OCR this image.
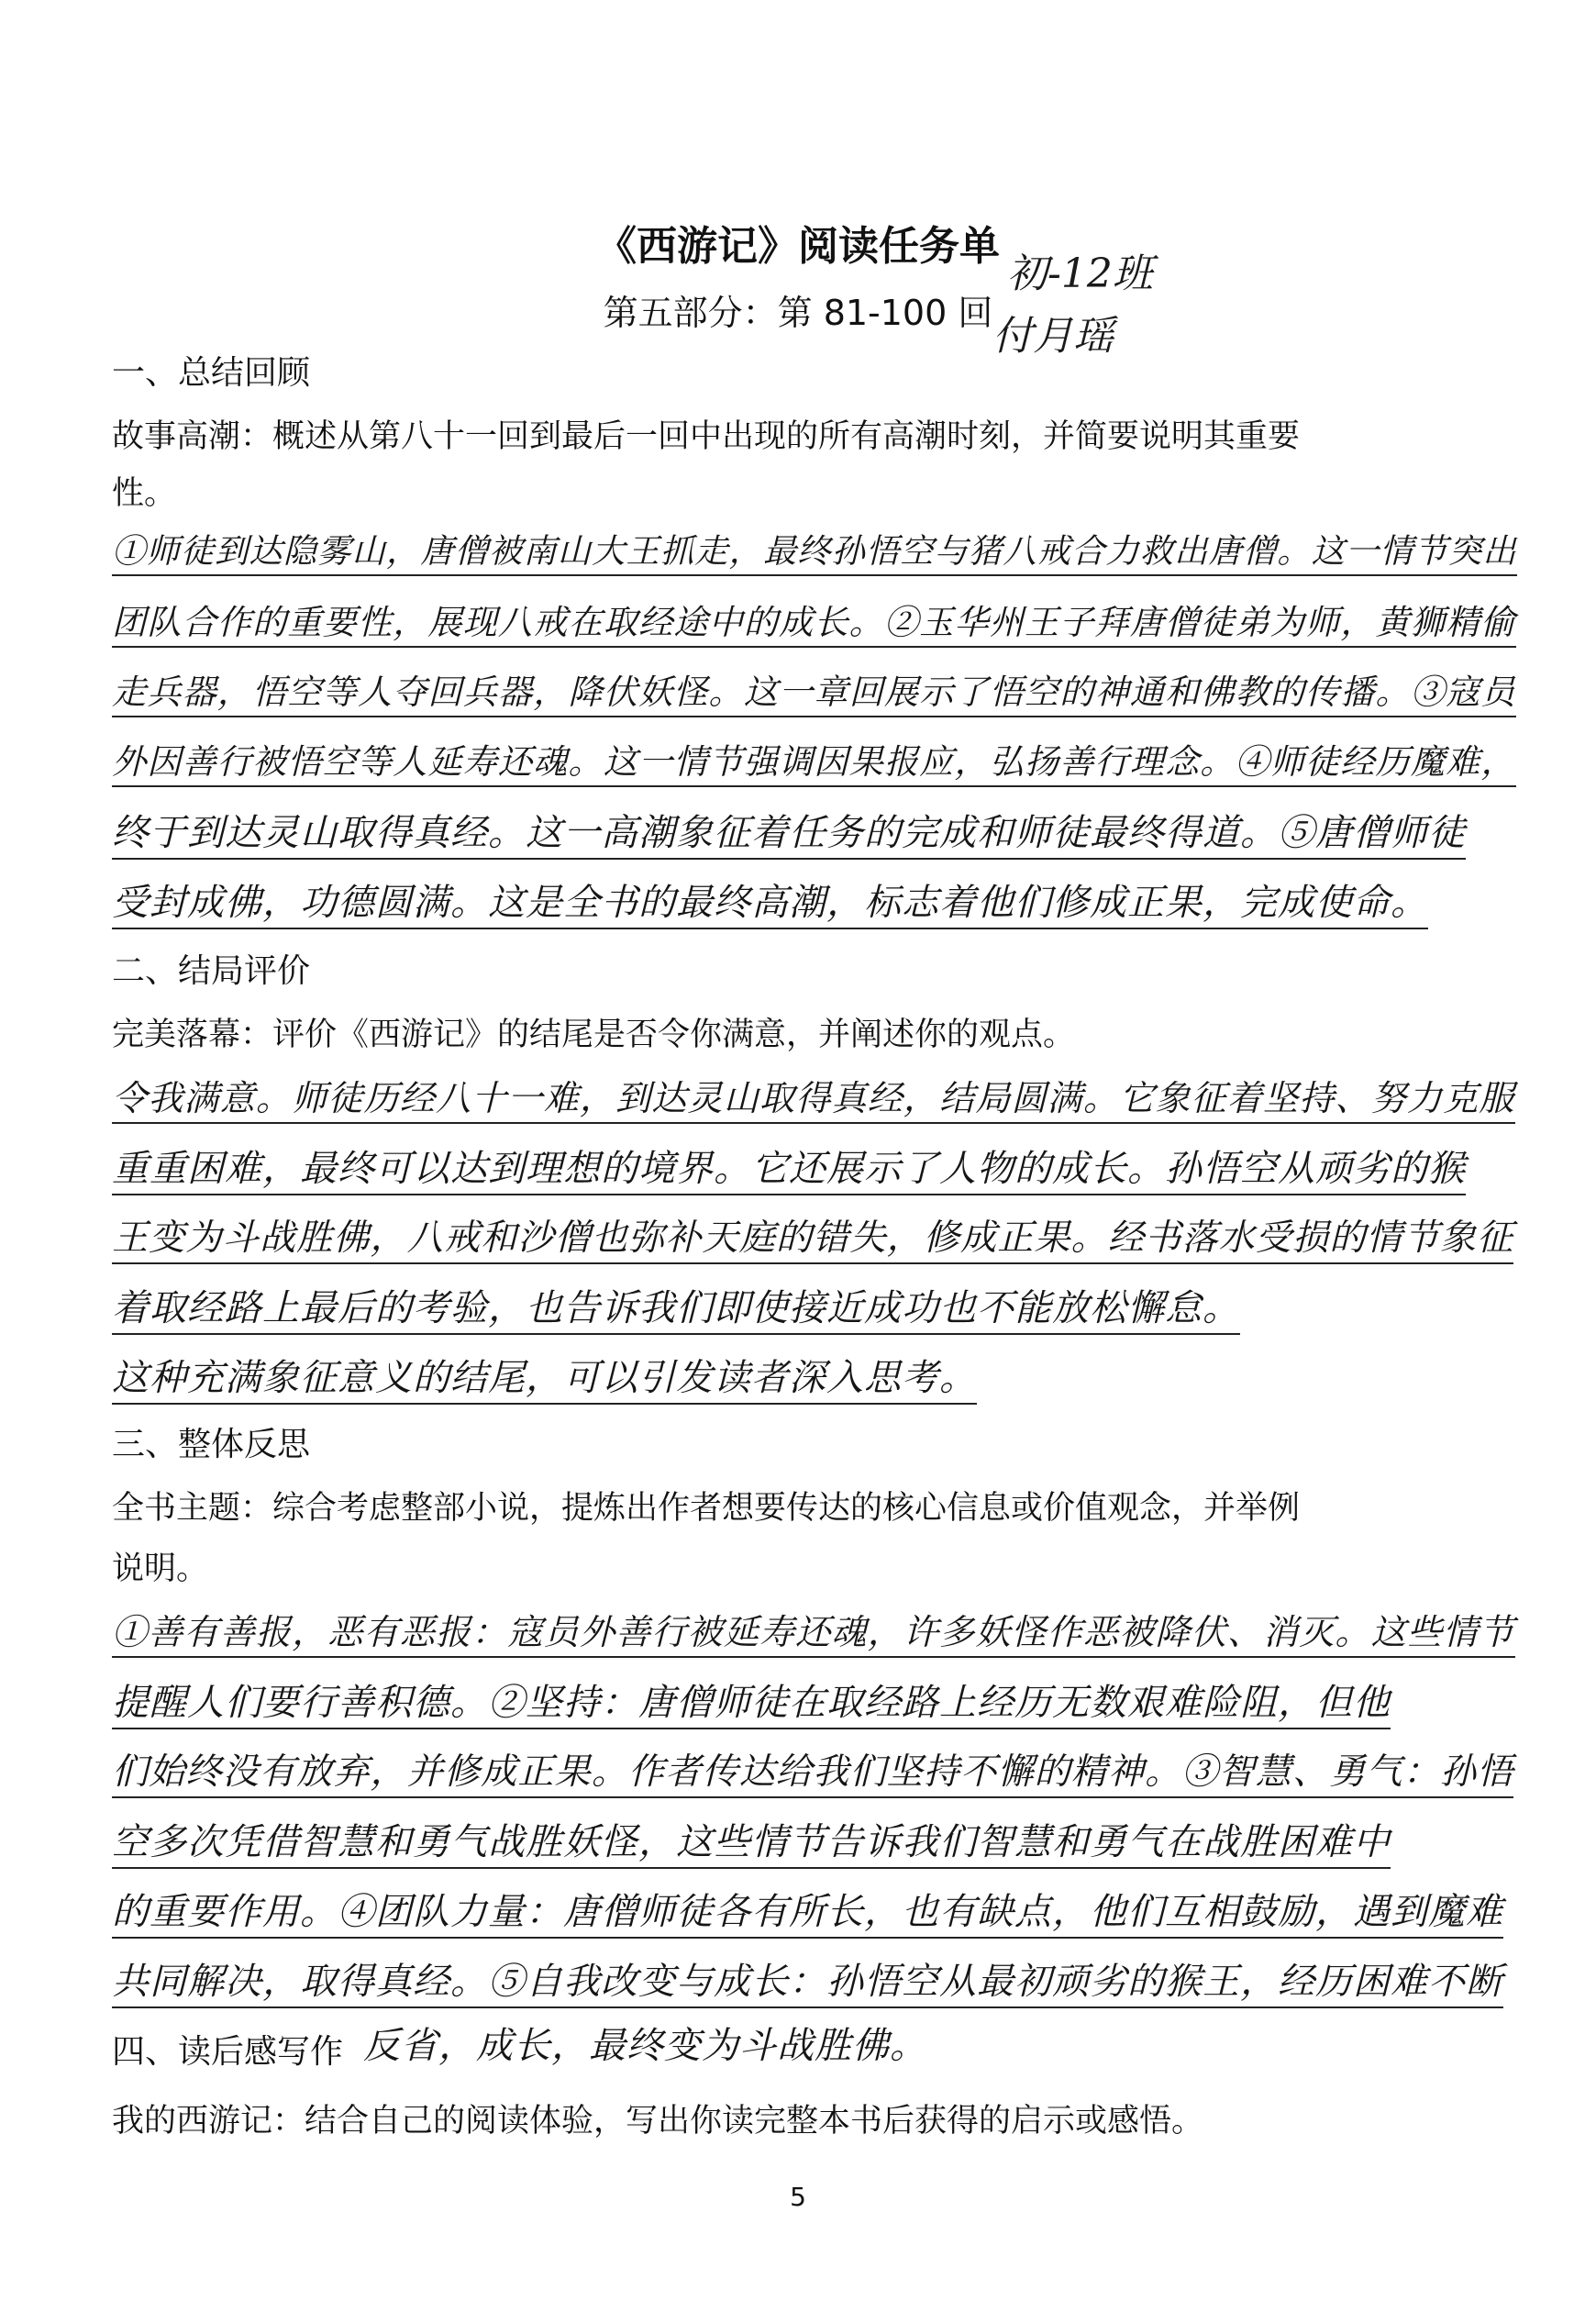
《西游记》阅读任务单
第五部分：第 81-100 回
初-12班
付月瑶
一、总结回顾
故事高潮：概述从第八十一回到最后一回中出现的所有高潮时刻，并简要说明其重要
性。
①师徒到达隐雾山，唐僧被南山大王抓走，最终孙悟空与猪八戒合力救出唐僧。这一情节突出
团队合作的重要性，展现八戒在取经途中的成长。②玉华州王子拜唐僧徒弟为师，黄狮精偷
走兵器，悟空等人夺回兵器，降伏妖怪。这一章回展示了悟空的神通和佛教的传播。③寇员
外因善行被悟空等人延寿还魂。这一情节强调因果报应，弘扬善行理念。④师徒经历魔难，
终于到达灵山取得真经。这一高潮象征着任务的完成和师徒最终得道。⑤唐僧师徒
受封成佛，功德圆满。这是全书的最终高潮，标志着他们修成正果，完成使命。
二、结局评价
完美落幕：评价《西游记》的结尾是否令你满意，并阐述你的观点。
令我满意。师徒历经八十一难，到达灵山取得真经，结局圆满。它象征着坚持、努力克服
重重困难，最终可以达到理想的境界。它还展示了人物的成长。孙悟空从顽劣的猴
王变为斗战胜佛，八戒和沙僧也弥补天庭的错失，修成正果。经书落水受损的情节象征
着取经路上最后的考验，也告诉我们即使接近成功也不能放松懈怠。
这种充满象征意义的结尾，可以引发读者深入思考。
三、整体反思
全书主题：综合考虑整部小说，提炼出作者想要传达的核心信息或价值观念，并举例
说明。
①善有善报，恶有恶报：寇员外善行被延寿还魂，许多妖怪作恶被降伏、消灭。这些情节
提醒人们要行善积德。②坚持：唐僧师徒在取经路上经历无数艰难险阻，但他
们始终没有放弃，并修成正果。作者传达给我们坚持不懈的精神。③智慧、勇气：孙悟
空多次凭借智慧和勇气战胜妖怪，这些情节告诉我们智慧和勇气在战胜困难中
的重要作用。④团队力量：唐僧师徒各有所长，也有缺点，他们互相鼓励，遇到魔难
共同解决，取得真经。⑤自我改变与成长：孙悟空从最初顽劣的猴王，经历困难不断
四、读后感写作 反省，成长，最终变为斗战胜佛。
我的西游记：结合自己的阅读体验，写出你读完整本书后获得的启示或感悟。
5
